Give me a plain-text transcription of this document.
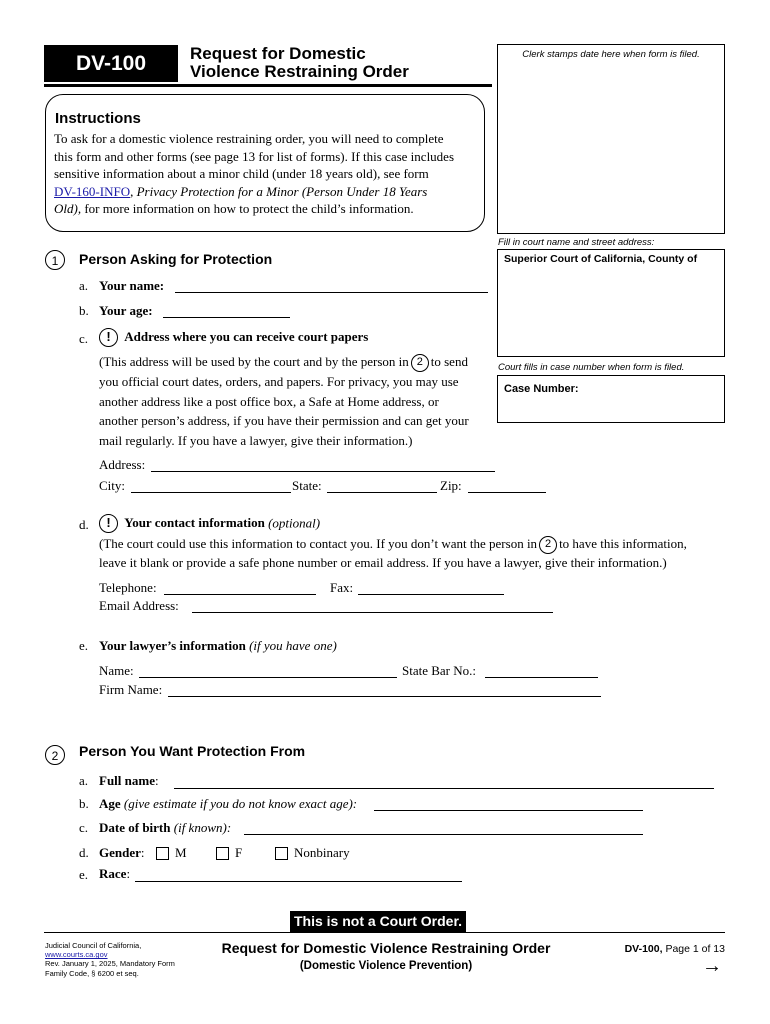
DV-100	Request for Domestic
Violence Restraining Order
Clerk stamps date here when form is filed.
Fill in court name and street address:
Superior Court of California, County of
Court fills in case number when form is filed.
Case Number:
Instructions
To ask for a domestic violence restraining order, you will need to complete
this form and other forms (see page 13 for list of forms). If this case includes
sensitive information about a minor child (under 18 years old), see form
DV-160-INFO, Privacy Protection for a Minor (Person Under 18 Years
Old), for more information on how to protect the child’s information.
1	Person Asking for Protection
a. Your name:
b. Your age:
c.	! Address where you can receive court papers
(This address will be used by the court and by the person in 2 to send
you official court dates, orders, and papers. For privacy, you may use
another address like a post office box, a Safe at Home address, or
another person’s address, if you have their permission and can get your
mail regularly. If you have a lawyer, give their information.)
Address:
City:	State:	Zip:
d.	! Your contact information (optional)
(The court could use this information to contact you. If you don’t want the person in 2 to have this information,
leave it blank or provide a safe phone number or email address. If you have a lawyer, give their information.)
Telephone:	Fax:
Email Address:
e. Your lawyer’s information (if you have one)
Name:	State Bar No.:
Firm Name:
2	Person You Want Protection From
a. Full name:
b. Age (give estimate if you do not know exact age):
c. Date of birth (if known):
d. Gender:	M	F	Nonbinary
e. Race:
This is not a Court Order.
Judicial Council of California,
www.courts.ca.gov
Rev. January 1, 2025, Mandatory Form
Family Code, § 6200 et seq.
Request for Domestic Violence Restraining Order
(Domestic Violence Prevention)
DV-100, Page 1 of 13
→
